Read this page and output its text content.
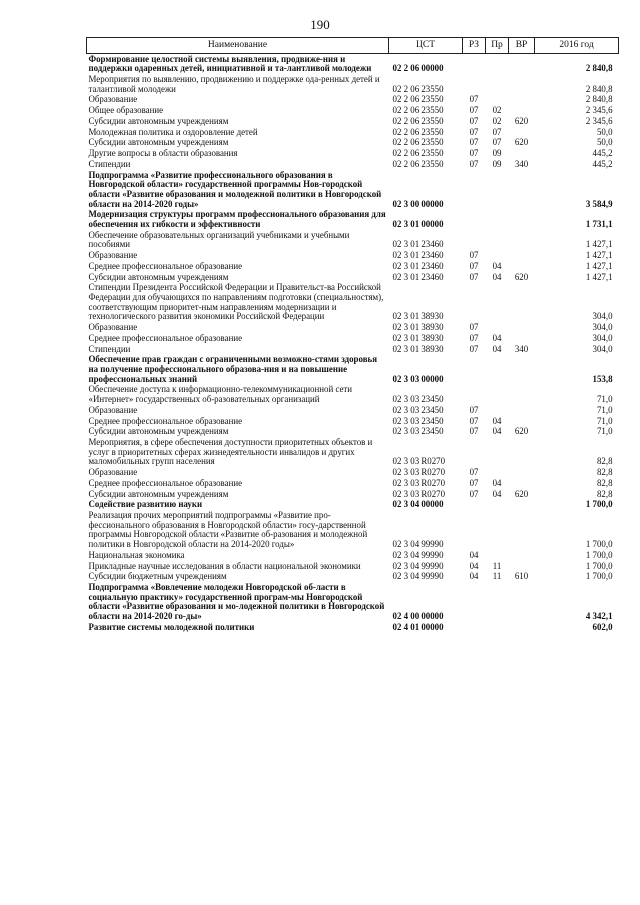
190
Наименование	ЦСТ	РЗ	Пр	ВР	2016 год
Формирование целостной системы выявления, продвиже-ния и поддержки одаренных детей, инициативной и та-лантливой молодежи	02 2 06 00000				2 840,8
Мероприятия по выявлению, продвижению и поддержке ода-ренных детей и талантливой молодежи	02 2 06 23550				2 840,8
Образование	02 2 06 23550	07			2 840,8
Общее образование	02 2 06 23550	07	02		2 345,6
Субсидии автономным учреждениям	02 2 06 23550	07	02	620	2 345,6
Молодежная политика и оздоровление детей	02 2 06 23550	07	07		50,0
Субсидии автономным учреждениям	02 2 06 23550	07	07	620	50,0
Другие вопросы в области образования	02 2 06 23550	07	09		445,2
Стипендии	02 2 06 23550	07	09	340	445,2
Подпрограмма «Развитие профессионального образования в Новгородской области» государственной программы Нов-городской области «Развитие образования и молодежной политики в Новгородской области на 2014-2020 годы»	02 3 00 00000				3 584,9
Модернизация структуры программ профессионального образования для обеспечения их гибкости и эффективности	02 3 01 00000				1 731,1
Обеспечение образовательных организаций учебниками и учебными пособиями	02 3 01 23460				1 427,1
Образование	02 3 01 23460	07			1 427,1
Среднее профессиональное образование	02 3 01 23460	07	04		1 427,1
Субсидии автономным учреждениям	02 3 01 23460	07	04	620	1 427,1
Стипендии Президента Российской Федерации и Правительст-ва Российской Федерации для обучающихся по направлениям подготовки (специальностям), соответствующим приоритет-ным направлениям модернизации и технологического развития экономики Российской Федерации	02 3 01 38930				304,0
Образование	02 3 01 38930	07			304,0
Среднее профессиональное образование	02 3 01 38930	07	04		304,0
Стипендии	02 3 01 38930	07	04	340	304,0
Обеспечение прав граждан с ограниченными возможно-стями здоровья на получение профессионального образова-ния и на повышение профессиональных знаний	02 3 03 00000				153,8
Обеспечение доступа к информационно-телекоммуникационной сети «Интернет» государственных об-разовательных организаций	02 3 03 23450				71,0
Образование	02 3 03 23450	07			71,0
Среднее профессиональное образование	02 3 03 23450	07	04		71,0
Субсидии автономным учреждениям	02 3 03 23450	07	04	620	71,0
Мероприятия, в сфере обеспечения доступности приоритетных объектов и услуг в приоритетных сферах жизнедеятельности инвалидов и других маломобильных групп населения	02 3 03 R0270				82,8
Образование	02 3 03 R0270	07			82,8
Среднее профессиональное образование	02 3 03 R0270	07	04		82,8
Субсидии автономным учреждениям	02 3 03 R0270	07	04	620	82,8
Содействие развитию науки	02 3 04 00000				1 700,0
Реализация прочих мероприятий подпрограммы «Развитие про-фессионального образования в Новгородской области» госу-дарственной программы Новгородской области «Развитие об-разования и молодежной политики в Новгородской области на 2014-2020 годы»	02 3 04 99990				1 700,0
Национальная экономика	02 3 04 99990	04			1 700,0
Прикладные научные исследования в области национальной экономики	02 3 04 99990	04	11		1 700,0
Субсидии бюджетным учреждениям	02 3 04 99990	04	11	610	1 700,0
Подпрограмма «Вовлечение молодежи Новгородской об-ласти в социальную практику» государственной програм-мы Новгородской области «Развитие образования и мо-лодежной политики в Новгородской области на 2014-2020 го-ды»	02 4 00 00000				4 342,1
Развитие системы молодежной политики	02 4 01 00000				602,0
